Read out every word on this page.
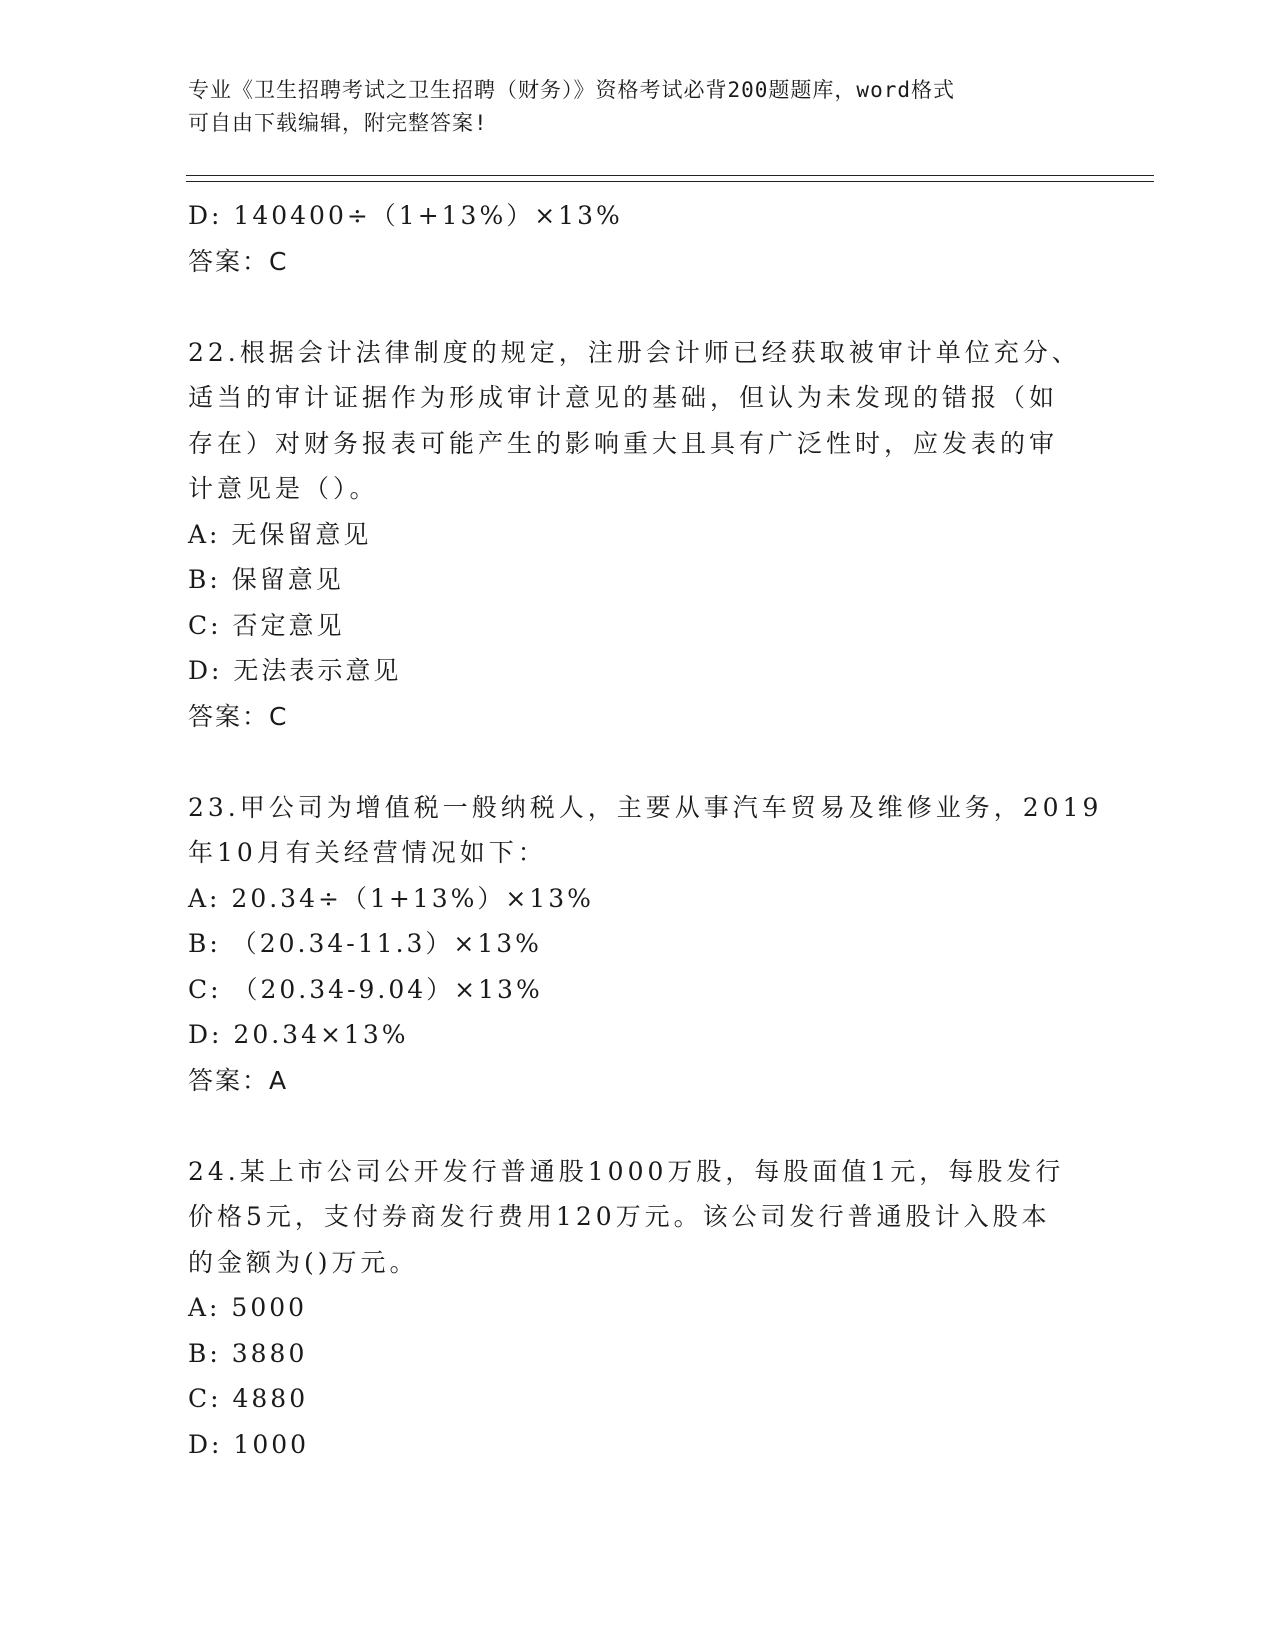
专业《卫生招聘考试之卫生招聘（财务）》资格考试必背200题题库，word格式
可自由下载编辑，附完整答案!
D: 140400÷（1+13%）×13%
答案：C
22.根据会计法律制度的规定，注册会计师已经获取被审计单位充分、
适当的审计证据作为形成审计意见的基础，但认为未发现的错报（如
存在）对财务报表可能产生的影响重大且具有广泛性时，应发表的审
计意见是（）。
A: 无保留意见
B: 保留意见
C: 否定意见
D: 无法表示意见
答案：C
23.甲公司为增值税一般纳税人，主要从事汽车贸易及维修业务，2019
年10月有关经营情况如下：
A: 20.34÷（1+13%）×13%
B: （20.34-11.3）×13%
C: （20.34-9.04）×13%
D: 20.34×13%
答案：A
24.某上市公司公开发行普通股1000万股，每股面值1元，每股发行
价格5元，支付券商发行费用120万元。该公司发行普通股计入股本
的金额为()万元。
A: 5000
B: 3880
C: 4880
D: 1000
